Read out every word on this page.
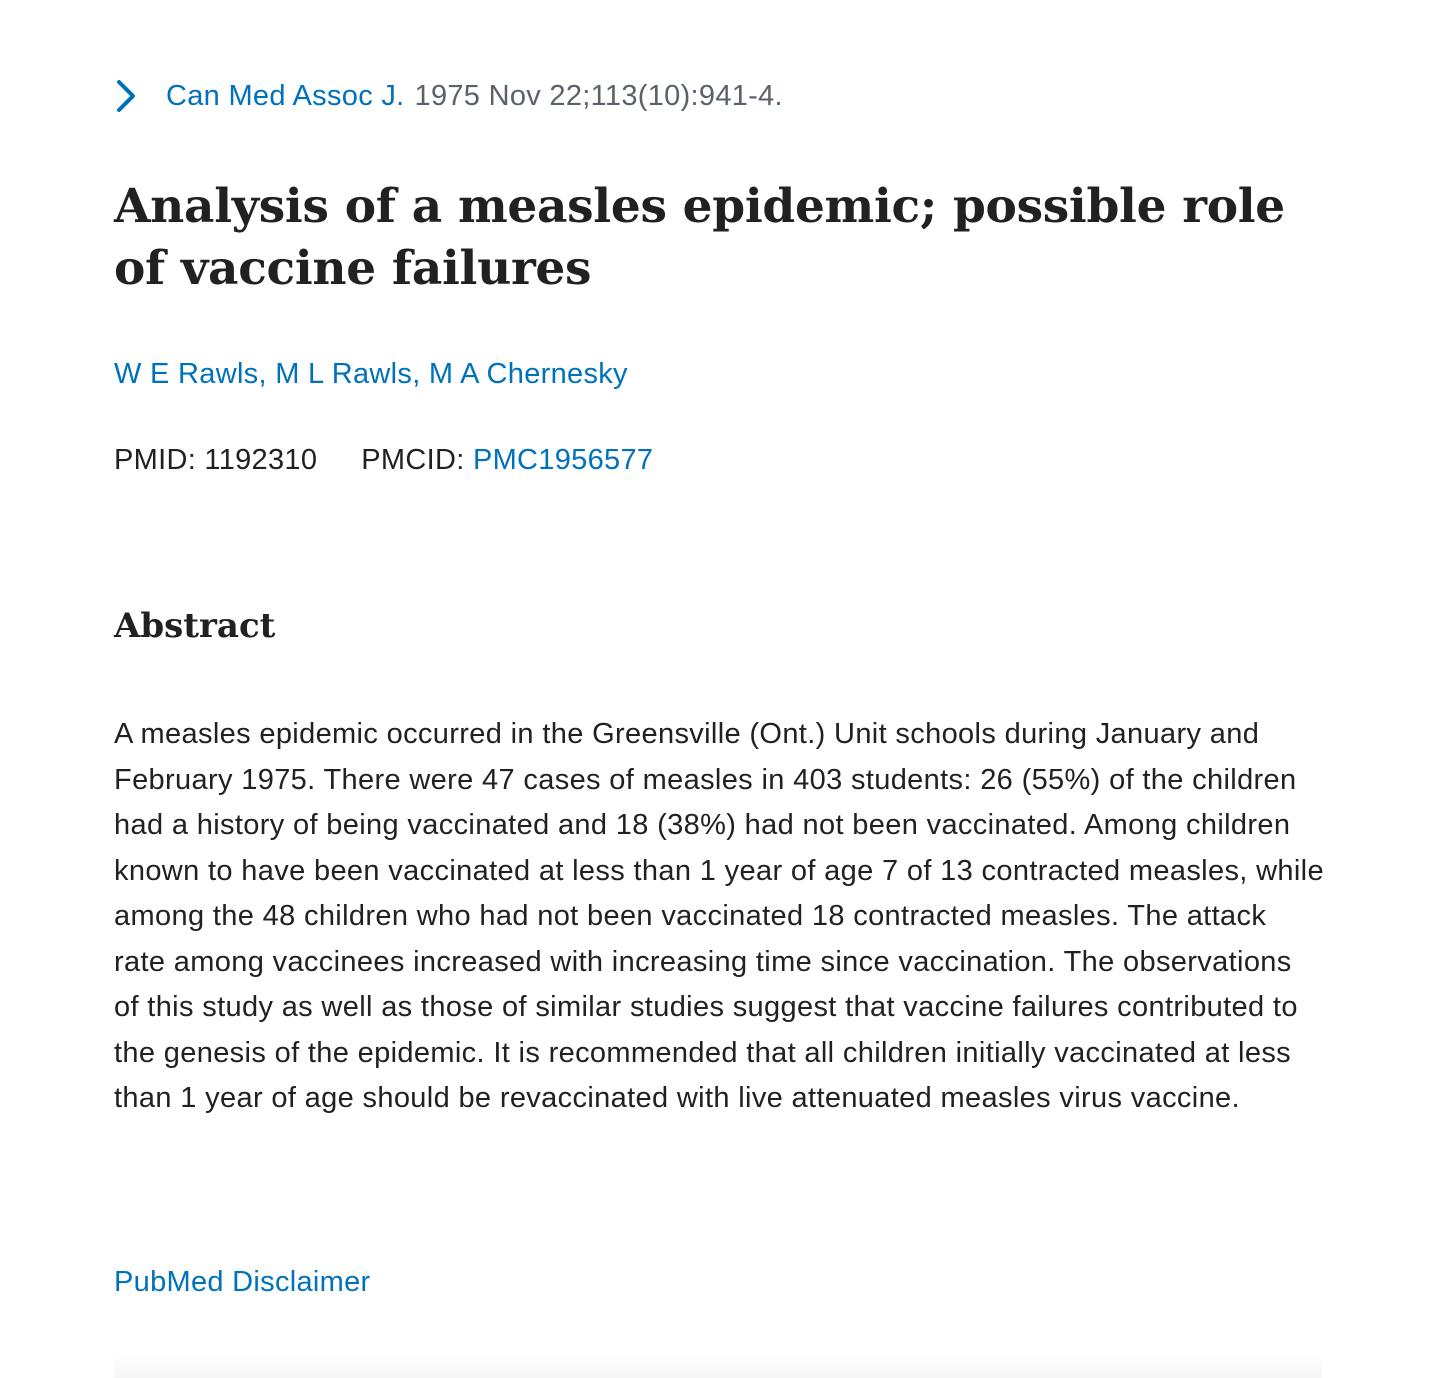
Can Med Assoc J. 1975 Nov 22;113(10):941-4.
Analysis of a measles epidemic; possible role of vaccine failures
W E Rawls, M L Rawls, M A Chernesky
PMID: 1192310 PMCID: PMC1956577
Abstract

A measles epidemic occurred in the Greensville (Ont.) Unit schools during January and February 1975. There were 47 cases of measles in 403 students: 26 (55%) of the children had a history of being vaccinated and 18 (38%) had not been vaccinated. Among children known to have been vaccinated at less than 1 year of age 7 of 13 contracted measles, while among the 48 children who had not been vaccinated 18 contracted measles. The attack rate among vaccinees increased with increasing time since vaccination. The observations of this study as well as those of similar studies suggest that vaccine failures contributed to the genesis of the epidemic. It is recommended that all children initially vaccinated at less than 1 year of age should be revaccinated with live attenuated measles virus vaccine.

PubMed Disclaimer
